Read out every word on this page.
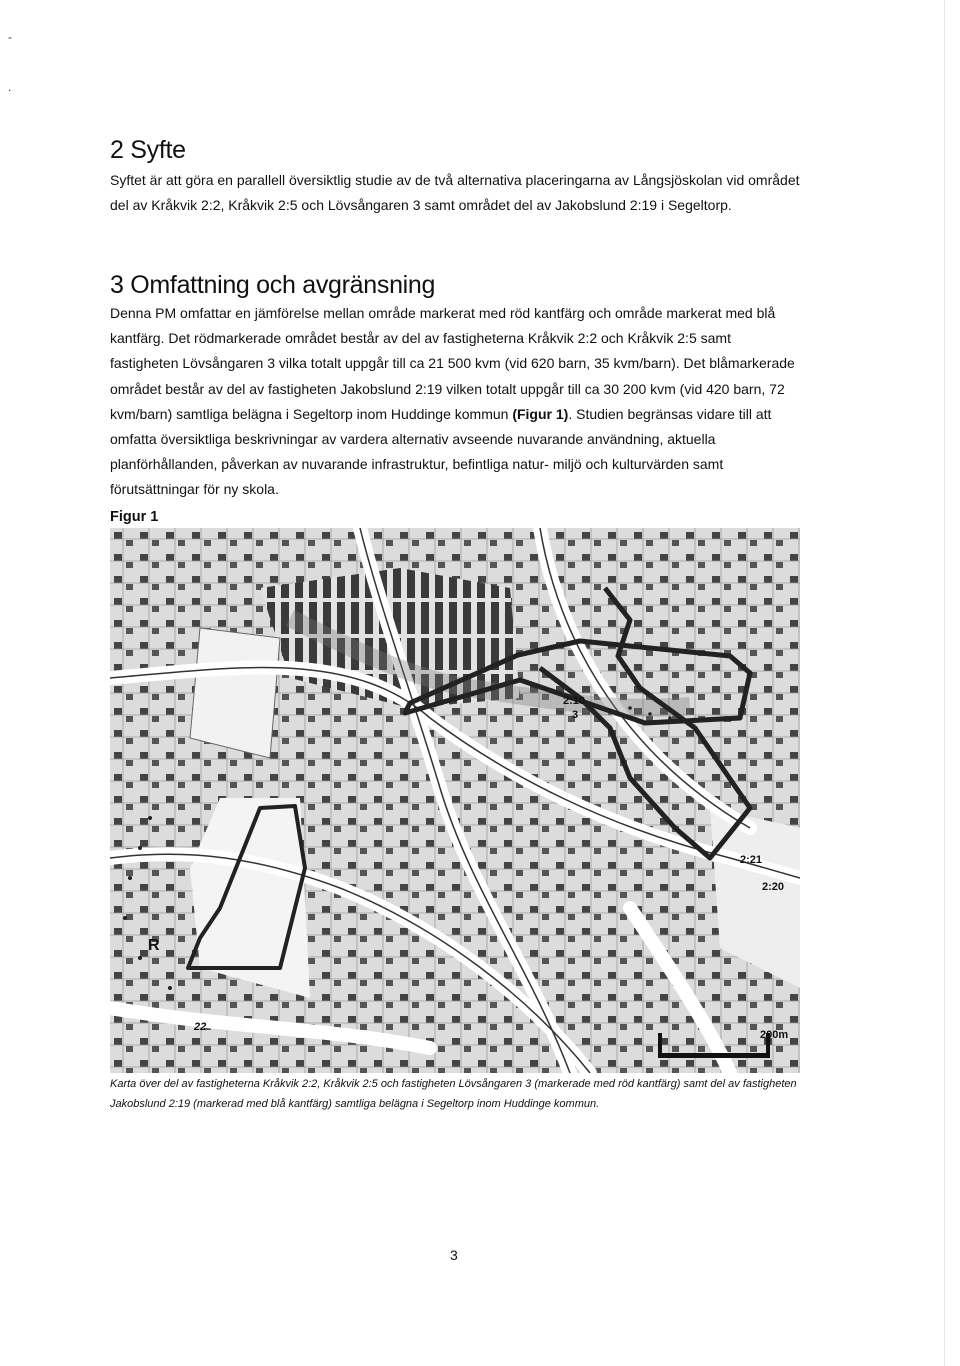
-
.
2 Syfte

Syftet är att göra en parallell översiktlig studie av de två alternativa placeringarna av Långsjöskolan vid området del av Kråkvik 2:2, Kråkvik 2:5 och Lövsångaren 3 samt området del av Jakobslund 2:19 i Segeltorp.

3 Omfattning och avgränsning

Denna PM omfattar en jämförelse mellan område markerat med röd kantfärg och område markerat med blå kantfärg. Det rödmarkerade området består av del av fastigheterna Kråkvik 2:2 och Kråkvik 2:5 samt fastigheten Lövsångaren 3 vilka totalt uppgår till ca 21 500 kvm (vid 620 barn, 35 kvm/barn). Det blåmarkerade området består av del av fastigheten Jakobslund 2:19 vilken totalt uppgår till ca 30 200 kvm (vid 420 barn, 72 kvm/barn) samtliga belägna i Segeltorp inom Huddinge kommun (Figur 1). Studien begränsas vidare till att omfatta översiktliga beskrivningar av vardera alternativ avseende nuvarande användning, aktuella planförhållanden, påverkan av nuvarande infrastruktur, befintliga natur- miljö och kulturvärden samt förutsättningar för ny skola.

Figur 1
2:10
3
2:21
2:20
22
R
200m

Karta över del av fastigheterna Kråkvik 2:2, Kråkvik 2:5 och fastigheten Lövsångaren 3 (markerade med röd kantfärg) samt del av fastigheten Jakobslund 2:19 (markerad med blå kantfärg) samtliga belägna i Segeltorp inom Huddinge kommun.

3
